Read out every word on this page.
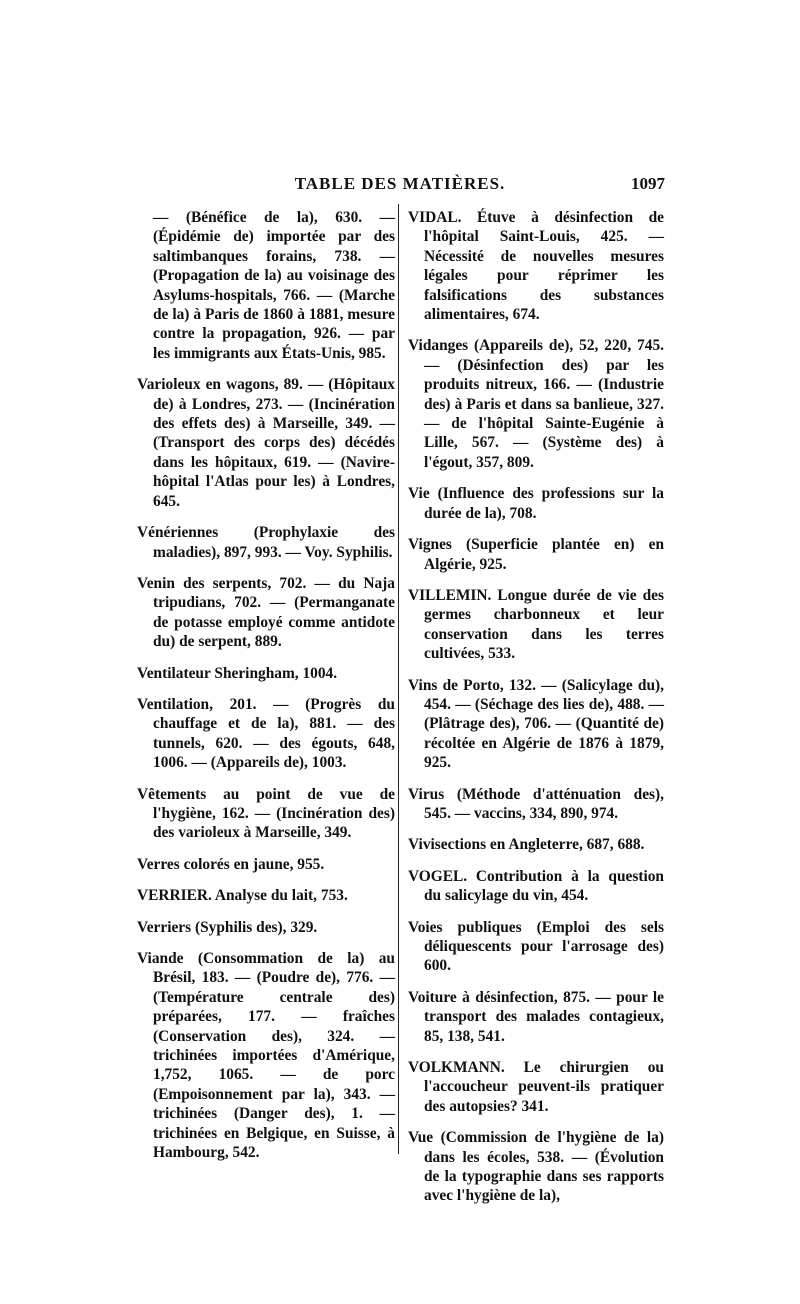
TABLE DES MATIÈRES.	1097

— (Bénéfice de la), 630. — (Épidémie de) importée par des saltimbanques forains, 738. — (Propagation de la) au voisinage des Asylums-hospitals, 766. — (Marche de la) à Paris de 1860 à 1881, mesure contre la propagation, 926. — par les immigrants aux États-Unis, 985.

Varioleux en wagons, 89. — (Hôpitaux de) à Londres, 273. — (Incinération des effets des) à Marseille, 349. —(Transport des corps des) décédés dans les hôpitaux, 619. — (Navire-hôpital l'Atlas pour les) à Londres, 645.

Vénériennes (Prophylaxie des maladies), 897, 993. — Voy. Syphilis.

Venin des serpents, 702. — du Naja tripudians, 702. — (Permanganate de potasse employé comme antidote du) de serpent, 889.

Ventilateur Sheringham, 1004.

Ventilation, 201. — (Progrès du chauffage et de la), 881. — des tunnels, 620. — des égouts, 648, 1006. — (Appareils de), 1003.

Vêtements au point de vue de l'hygiène, 162. — (Incinération des) des varioleux à Marseille, 349.

Verres colorés en jaune, 955.

VERRIER. Analyse du lait, 753.

Verriers (Syphilis des), 329.

Viande (Consommation de la) au Brésil, 183. — (Poudre de), 776. — (Température centrale des) préparées, 177. — fraîches (Conservation des), 324. — trichinées importées d'Amérique, 1,752, 1065. — de porc (Empoisonnement par la), 343. — trichinées (Danger des), 1. — trichinées en Belgique, en Suisse, à Hambourg, 542.

VIDAL. Étuve à désinfection de l'hôpital Saint-Louis, 425. — Nécessité de nouvelles mesures légales pour réprimer les falsifications des substances alimentaires, 674.

Vidanges (Appareils de), 52, 220, 745. — (Désinfection des) par les produits nitreux, 166. — (Industrie des) à Paris et dans sa banlieue, 327. — de l'hôpital Sainte-Eugénie à Lille, 567. — (Système des) à l'égout, 357, 809.

Vie (Influence des professions sur la durée de la), 708.

Vignes (Superficie plantée en) en Algérie, 925.

VILLEMIN. Longue durée de vie des germes charbonneux et leur conservation dans les terres cultivées, 533.

Vins de Porto, 132. — (Salicylage du), 454. — (Séchage des lies de), 488. — (Plâtrage des), 706. — (Quantité de) récoltée en Algérie de 1876 à 1879, 925.

Virus (Méthode d'atténuation des), 545. — vaccins, 334, 890, 974.

Vivisections en Angleterre, 687, 688.

VOGEL. Contribution à la question du salicylage du vin, 454.

Voies publiques (Emploi des sels déliquescents pour l'arrosage des) 600.

Voiture à désinfection, 875. — pour le transport des malades contagieux, 85, 138, 541.

VOLKMANN. Le chirurgien ou l'accoucheur peuvent-ils pratiquer des autopsies? 341.

Vue (Commission de l'hygiène de la) dans les écoles, 538. — (Évolution de la typographie dans ses rapports avec l'hygiène de la),
